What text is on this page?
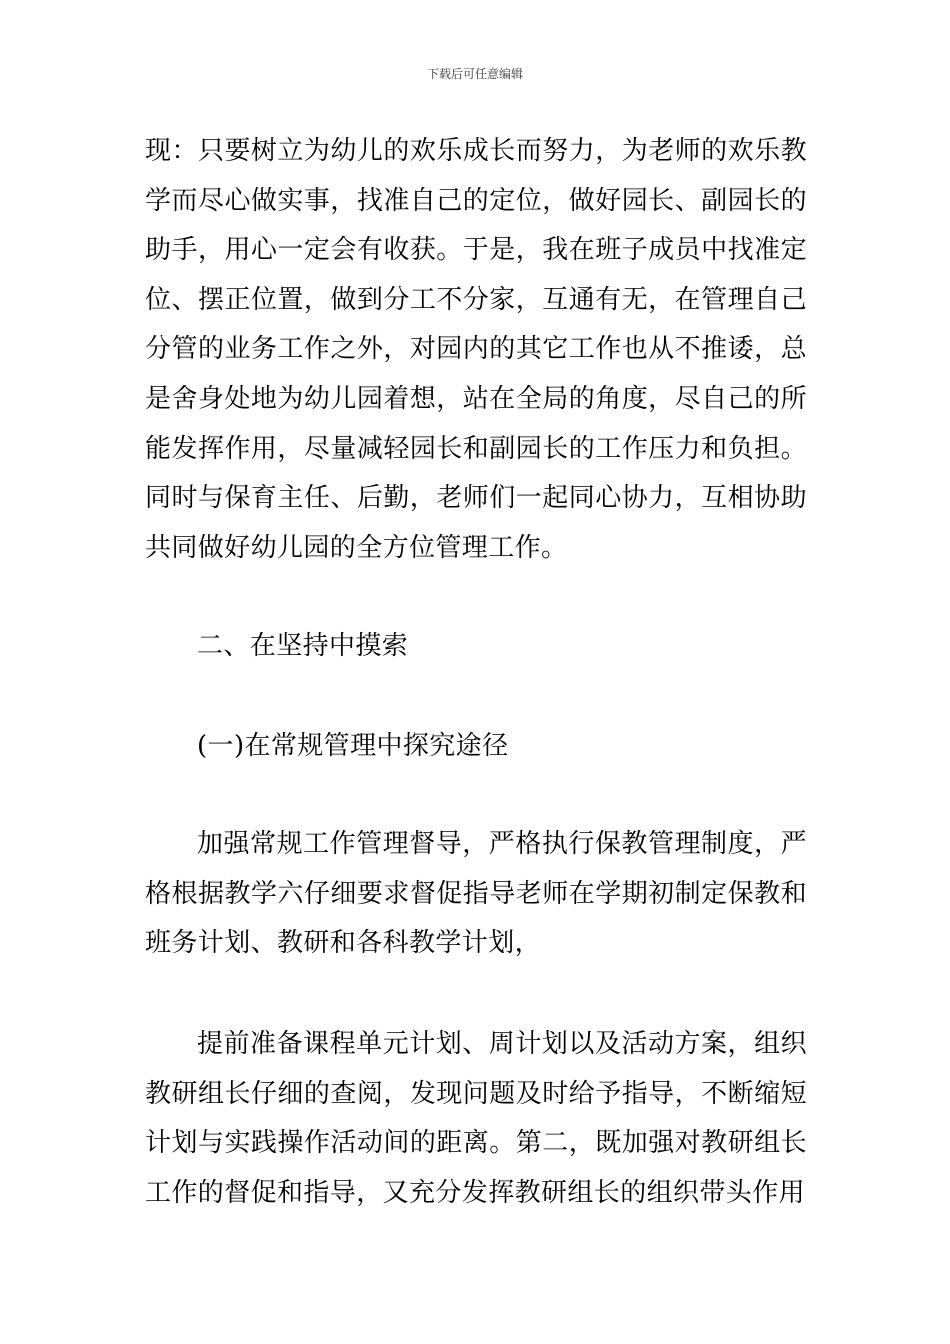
下载后可任意编辑

现：只要树立为幼儿的欢乐成长而努力，为老师的欢乐教学而尽心做实事，找准自己的定位，做好园长、副园长的助手，用心一定会有收获。于是，我在班子成员中找准定位、摆正位置，做到分工不分家，互通有无，在管理自己分管的业务工作之外，对园内的其它工作也从不推诿，总是舍身处地为幼儿园着想，站在全局的角度，尽自己的所能发挥作用，尽量减轻园长和副园长的工作压力和负担。同时与保育主任、后勤，老师们一起同心协力，互相协助共同做好幼儿园的全方位管理工作。

二、在坚持中摸索

(一)在常规管理中探究途径

加强常规工作管理督导，严格执行保教管理制度，严格根据教学六仔细要求督促指导老师在学期初制定保教和班务计划、教研和各科教学计划，

提前准备课程单元计划、周计划以及活动方案，组织教研组长仔细的查阅，发现问题及时给予指导，不断缩短计划与实践操作活动间的距离。第二，既加强对教研组长工作的督促和指导，又充分发挥教研组长的组织带头作用
